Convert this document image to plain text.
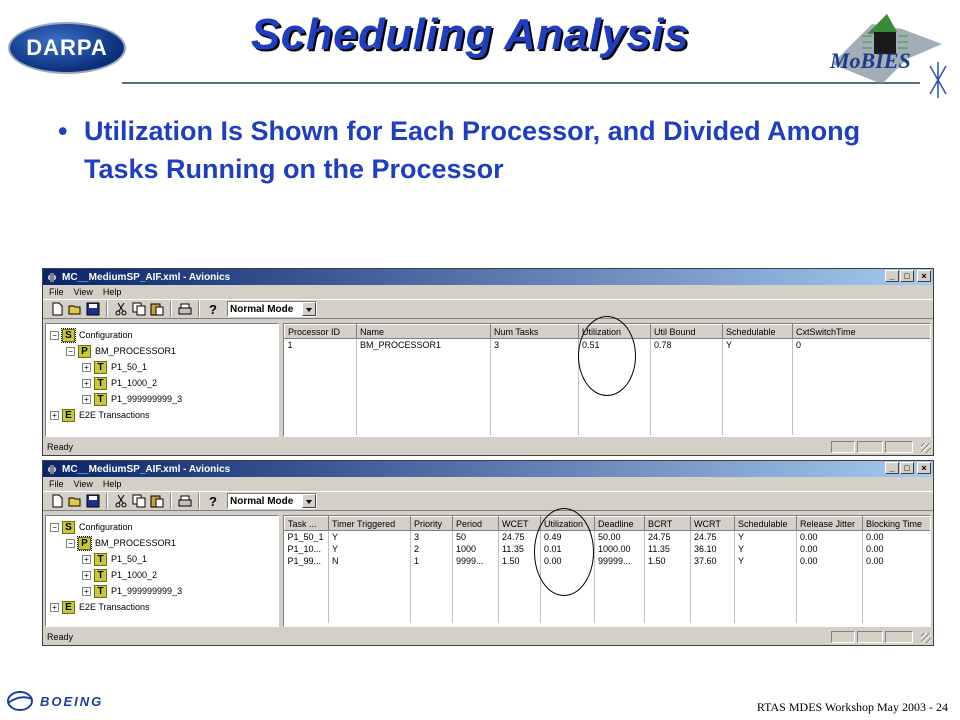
DARPA	Scheduling Analysis
MoBIES
• Utilization Is Shown for Each Processor, and Divided Among Tasks Running on the Processor
MC__MediumSP_AIF.xml - Avionics	_	□	×
File View Help
? Normal Mode
− S Configuration
− P BM_PROCESSOR1
+ T P1_50_1
+ T P1_1000_2
+ T P1_999999999_3
+ E E2E Transactions
Processor ID	Name	Num Tasks	Utilization	Util Bound	Schedulable	CxtSwitchTime
1	BM_PROCESSOR1	3	0.51	0.78	Y	0

Ready
MC__MediumSP_AIF.xml - Avionics	_	□	×
File View Help
? Normal Mode
− S Configuration
− P BM_PROCESSOR1
+ T P1_50_1
+ T P1_1000_2
+ T P1_999999999_3
+ E E2E Transactions
Task ...	Timer Triggered	Priority	Period	WCET	Utilization	Deadline	BCRT	WCRT	Schedulable	Release Jitter	Blocking Time
P1_50_1	Y	3	50	24.75	0.49	50.00	24.75	24.75	Y	0.00	0.00
P1_10...	Y	2	1000	11.35	0.01	1000.00	11.35	36.10	Y	0.00	0.00
P1_99...	N	1	9999...	1.50	0.00	99999...	1.50	37.60	Y	0.00	0.00

Ready
BOEING	RTAS MDES Workshop May 2003 - 24
